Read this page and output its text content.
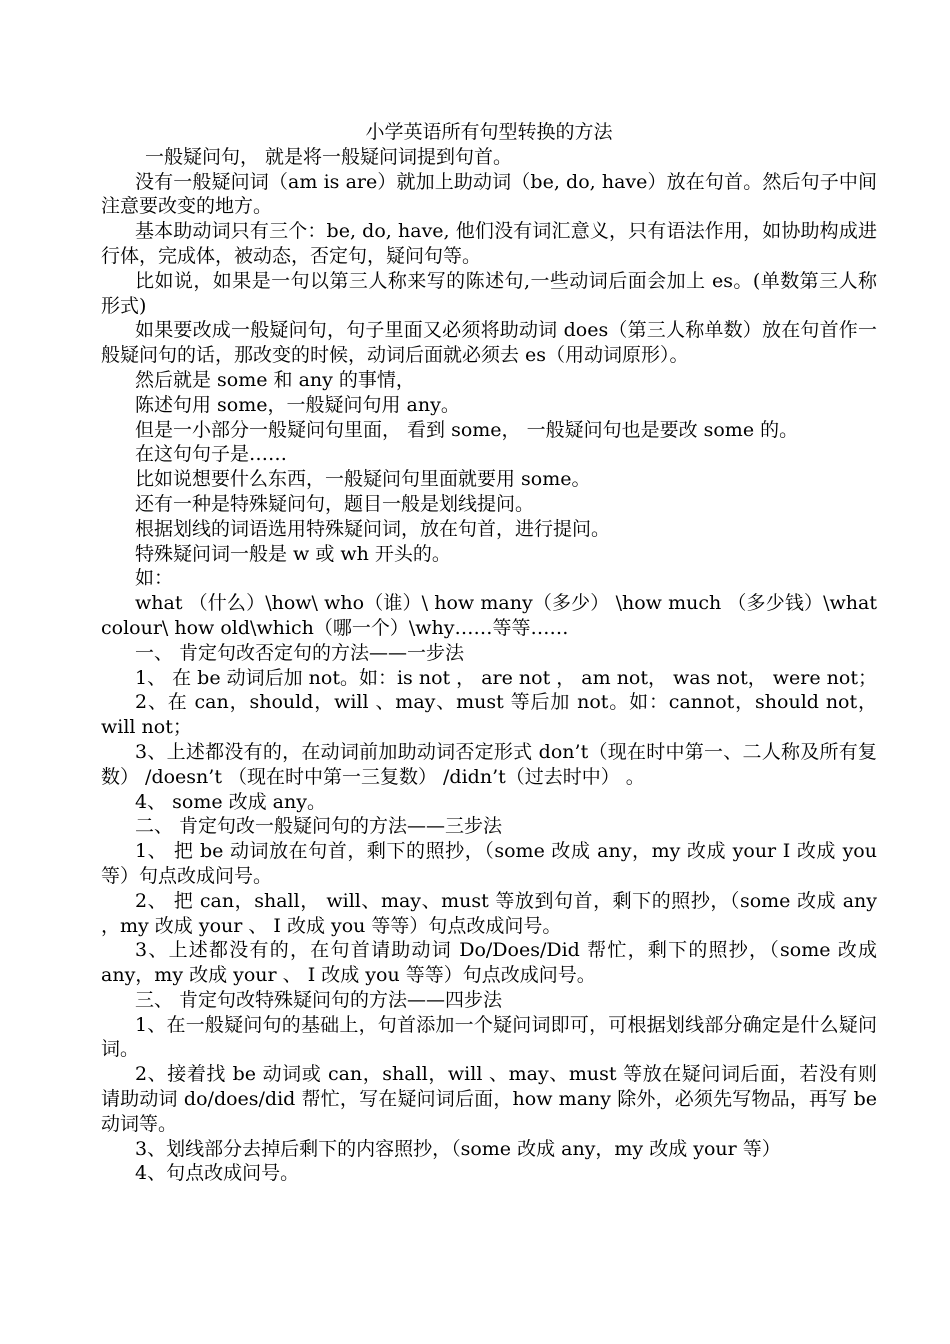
小学英语所有句型转换的方法

一般疑问句， 就是将一般疑问词提到句首。

没有一般疑问词（am is are）就加上助动词（be, do, have）放在句首。然后句子中间注意要改变的地方。

基本助动词只有三个：be, do, have, 他们没有词汇意义，只有语法作用，如协助构成进行体，完成体，被动态，否定句，疑问句等。

比如说，如果是一句以第三人称来写的陈述句,一些动词后面会加上 es。(单数第三人称形式)

如果要改成一般疑问句，句子里面又必须将助动词 does（第三人称单数）放在句首作一般疑问句的话，那改变的时候，动词后面就必须去 es（用动词原形）。

然后就是 some 和 any 的事情，

陈述句用 some，一般疑问句用 any。

但是一小部分一般疑问句里面， 看到 some， 一般疑问句也是要改 some 的。

在这句句子是……

比如说想要什么东西，一般疑问句里面就要用 some。

还有一种是特殊疑问句，题目一般是划线提问。

根据划线的词语选用特殊疑问词，放在句首，进行提问。

特殊疑问词一般是 w 或 wh 开头的。

如：

what （什么）\how\ who（谁）\ how many（多少） \how much （多少钱）\what colour\ how old\which（哪一个）\why……等等……

一、 肯定句改否定句的方法——一步法

1、 在 be 动词后加 not。如：is not ， are not ， am not， was not， were not；

2、在 can，should，will 、may、must 等后加 not。如：cannot，should not，will not；

3、上述都没有的，在动词前加助动词否定形式 don’t（现在时中第一、二人称及所有复数） /doesn’t （现在时中第一三复数） /didn’t（过去时中） 。

4、 some 改成 any。

二、 肯定句改一般疑问句的方法——三步法

1、 把 be 动词放在句首，剩下的照抄，（some 改成 any，my 改成 your I 改成 you 等）句点改成问号。

2、 把 can，shall， will、may、must 等放到句首，剩下的照抄，（some 改成 any ，my 改成 your 、 I 改成 you 等等）句点改成问号。

3、上述都没有的，在句首请助动词 Do/Does/Did 帮忙，剩下的照抄，（some 改成 any，my 改成 your 、 I 改成 you 等等）句点改成问号。

三、 肯定句改特殊疑问句的方法——四步法

1、在一般疑问句的基础上，句首添加一个疑问词即可，可根据划线部分确定是什么疑问词。

2、接着找 be 动词或 can，shall，will 、may、must 等放在疑问词后面，若没有则请助动词 do/does/did 帮忙，写在疑问词后面，how many 除外，必须先写物品，再写 be 动词等。

3、划线部分去掉后剩下的内容照抄，（some 改成 any，my 改成 your 等）

4、句点改成问号。
